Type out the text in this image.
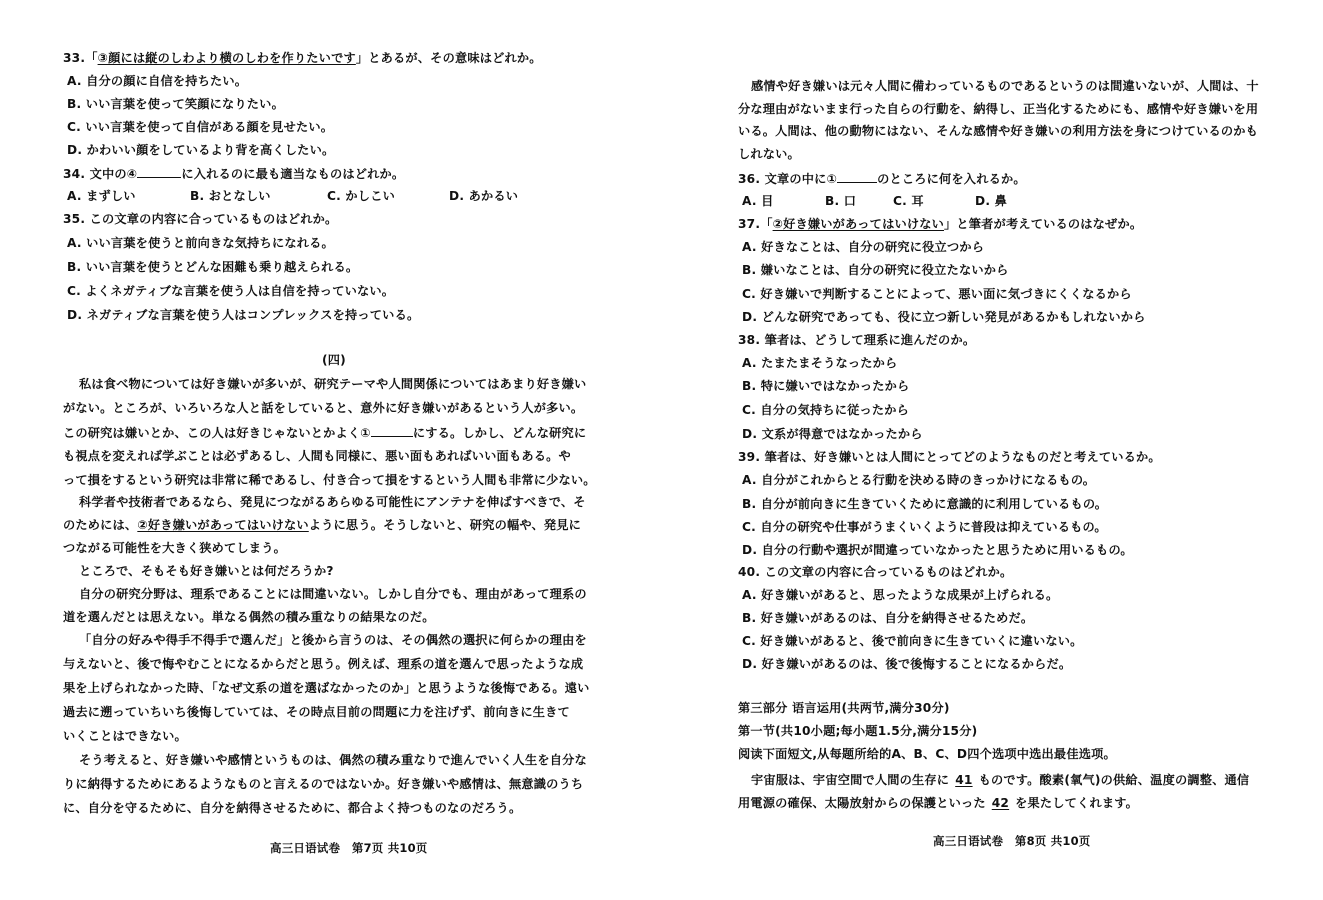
33.「③顔には縦のしわより横のしわを作りたいです」とあるが、その意味はどれか。
A. 自分の顔に自信を持ちたい。
B. いい言葉を使って笑顔になりたい。
C. いい言葉を使って自信がある顔を見せたい。
D. かわいい顔をしているより背を高くしたい。
34. 文中の④	に入れるのに最も適当なものはどれか。
A. まずしい	B. おとなしい	C. かしこい	D. あかるい
35. この文章の内容に合っているものはどれか。
A. いい言葉を使うと前向きな気持ちになれる。
B. いい言葉を使うとどんな困難も乗り越えられる。
C. よくネガティブな言葉を使う人は自信を持っていない。
D. ネガティブな言葉を使う人はコンプレックスを持っている。
(四)
私は食べ物については好き嫌いが多いが、研究テーマや人間関係についてはあまり好き嫌い
がない。ところが、いろいろな人と話をしていると、意外に好き嫌いがあるという人が多い。
この研究は嫌いとか、この人は好きじゃないとかよく①	にする。しかし、どんな研究に
も視点を変えれば学ぶことは必ずあるし、人間も同様に、悪い面もあればいい面もある。や
って損をするという研究は非常に稀であるし、付き合って損をするという人間も非常に少ない。
科学者や技術者であるなら、発見につながるあらゆる可能性にアンテナを伸ばすべきで、そ
のためには、②好き嫌いがあってはいけないように思う。そうしないと、研究の幅や、発見に
つながる可能性を大きく狭めてしまう。
ところで、そもそも好き嫌いとは何だろうか?
自分の研究分野は、理系であることには間違いない。しかし自分でも、理由があって理系の
道を選んだとは思えない。単なる偶然の積み重なりの結果なのだ。
「自分の好みや得手不得手で選んだ」と後から言うのは、その偶然の選択に何らかの理由を
与えないと、後で悔やむことになるからだと思う。例えば、理系の道を選んで思ったような成
果を上げられなかった時、「なぜ文系の道を選ばなかったのか」と思うような後悔である。遠い
過去に遡っていちいち後悔していては、その時点目前の問題に力を注げず、前向きに生きて
いくことはできない。
そう考えると、好き嫌いや感情というものは、偶然の積み重なりで進んでいく人生を自分な
りに納得するためにあるようなものと言えるのではないか。好き嫌いや感情は、無意識のうち
に、自分を守るために、自分を納得させるために、都合よく持つものなのだろう。
高三日语试卷　第7页 共10页
感情や好き嫌いは元々人間に備わっているものであるというのは間違いないが、人間は、十
分な理由がないまま行った自らの行動を、納得し、正当化するためにも、感情や好き嫌いを用
いる。人間は、他の動物にはない、そんな感情や好き嫌いの利用方法を身につけているのかも
しれない。
36. 文章の中に①	のところに何を入れるか。
A. 目	B. 口	C. 耳	D. 鼻
37.「②好き嫌いがあってはいけない」と筆者が考えているのはなぜか。
A. 好きなことは、自分の研究に役立つから
B. 嫌いなことは、自分の研究に役立たないから
C. 好き嫌いで判断することによって、悪い面に気づきにくくなるから
D. どんな研究であっても、役に立つ新しい発見があるかもしれないから
38. 筆者は、どうして理系に進んだのか。
A. たまたまそうなったから
B. 特に嫌いではなかったから
C. 自分の気持ちに従ったから
D. 文系が得意ではなかったから
39. 筆者は、好き嫌いとは人間にとってどのようなものだと考えているか。
A. 自分がこれからとる行動を決める時のきっかけになるもの。
B. 自分が前向きに生きていくために意識的に利用しているもの。
C. 自分の研究や仕事がうまくいくように普段は抑えているもの。
D. 自分の行動や選択が間違っていなかったと思うために用いるもの。
40. この文章の内容に合っているものはどれか。
A. 好き嫌いがあると、思ったような成果が上げられる。
B. 好き嫌いがあるのは、自分を納得させるためだ。
C. 好き嫌いがあると、後で前向きに生きていくに違いない。
D. 好き嫌いがあるのは、後で後悔することになるからだ。
第三部分 语言运用(共两节,满分30分)
第一节(共10小题;每小题1.5分,满分15分)
阅读下面短文,从每题所给的A、B、C、D四个选项中选出最佳选项。
宇宙服は、宇宙空間で人間の生存に 41 ものです。酸素(氧气)の供給、温度の調整、通信
用電源の確保、太陽放射からの保護といった 42 を果たしてくれます。
高三日语试卷　第8页 共10页
